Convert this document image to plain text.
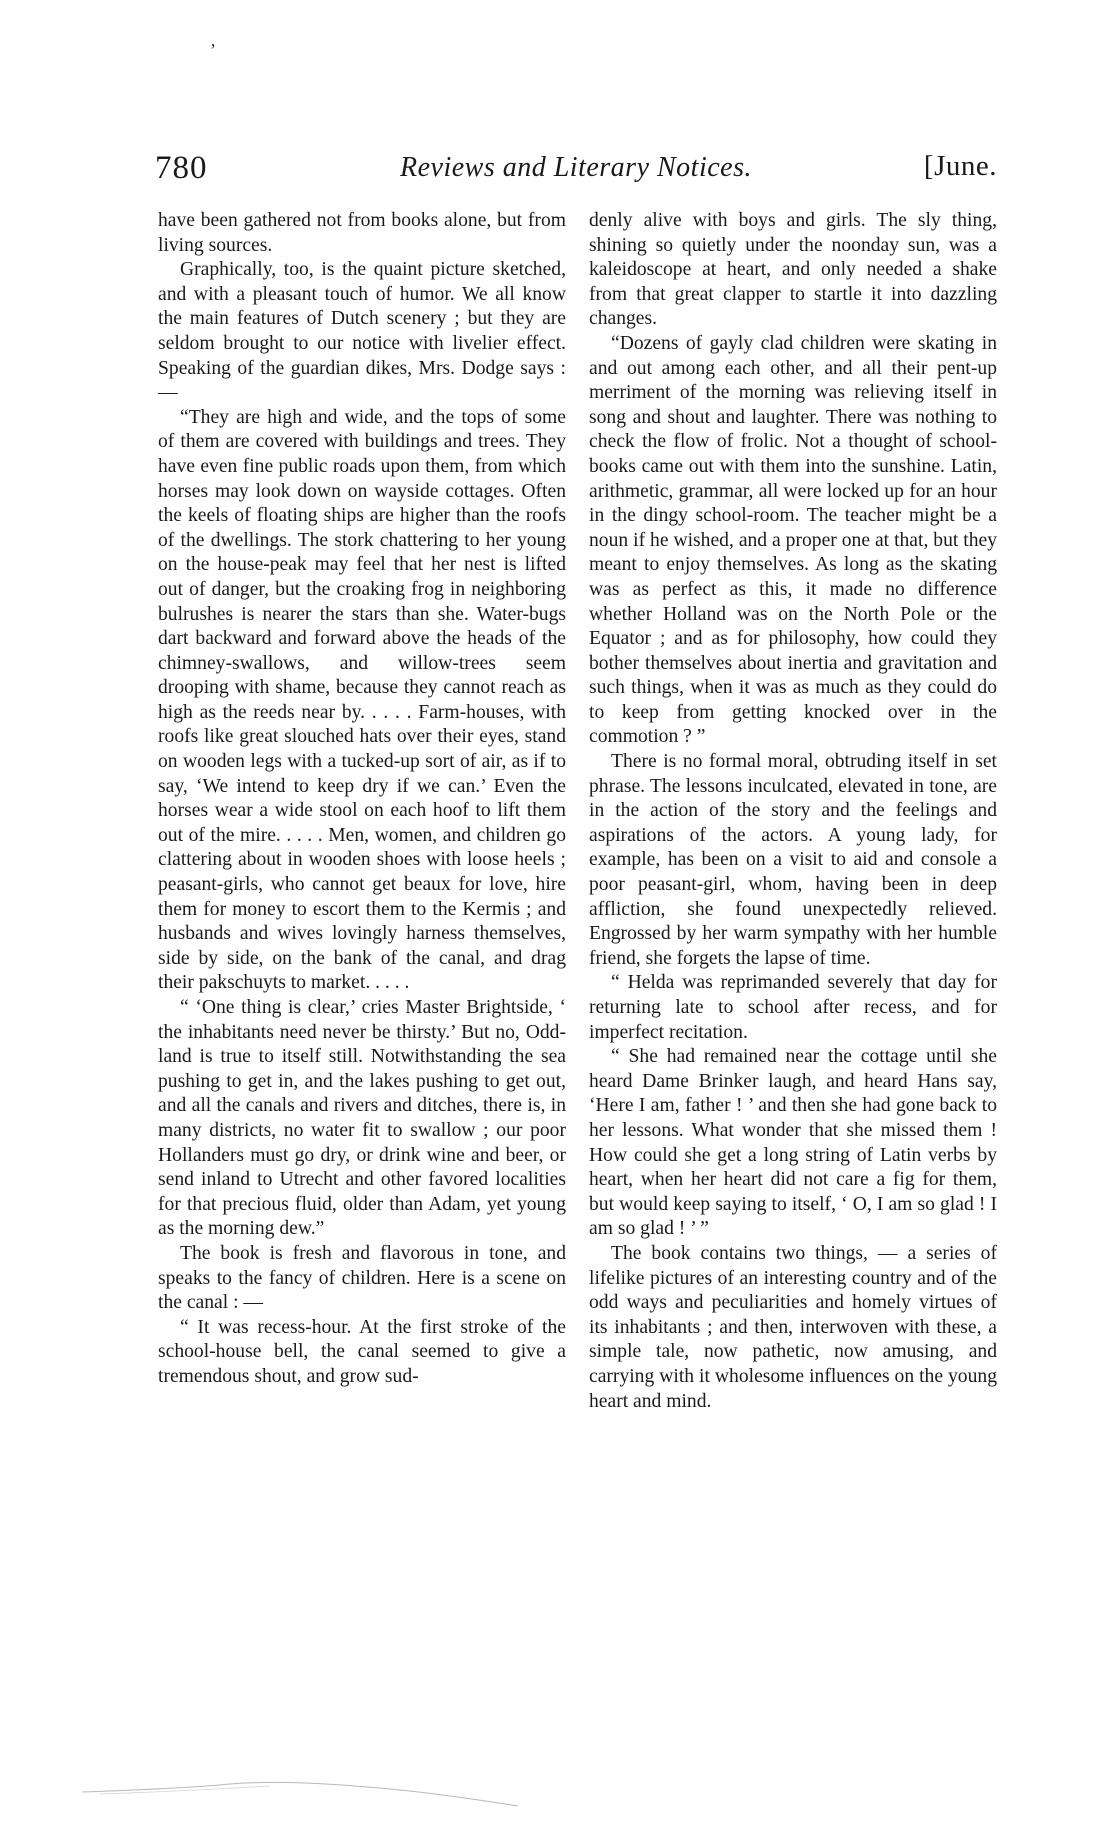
ʼ
780	Reviews and Literary Notices.	[June.

have been gathered not from books alone, but from living sources.

Graphically, too, is the quaint picture sketched, and with a pleasant touch of humor. We all know the main features of Dutch scenery ; but they are seldom brought to our notice with livelier effect. Speaking of the guardian dikes, Mrs. Dodge says : —

“They are high and wide, and the tops of some of them are covered with buildings and trees. They have even fine public roads upon them, from which horses may look down on wayside cottages. Often the keels of floating ships are higher than the roofs of the dwellings. The stork chattering to her young on the house-peak may feel that her nest is lifted out of danger, but the croaking frog in neighboring bulrushes is nearer the stars than she. Water-bugs dart backward and forward above the heads of the chimney-swallows, and willow-trees seem drooping with shame, because they cannot reach as high as the reeds near by. . . . . Farm-houses, with roofs like great slouched hats over their eyes, stand on wooden legs with a tucked-up sort of air, as if to say, ‘We intend to keep dry if we can.’ Even the horses wear a wide stool on each hoof to lift them out of the mire. . . . . Men, women, and children go clattering about in wooden shoes with loose heels ; peasant-girls, who cannot get beaux for love, hire them for money to escort them to the Kermis ; and husbands and wives lovingly harness themselves, side by side, on the bank of the canal, and drag their pakschuyts to market. . . . .

“ ‘One thing is clear,’ cries Master Brightside, ‘ the inhabitants need never be thirsty.’ But no, Odd-land is true to itself still. Notwithstanding the sea pushing to get in, and the lakes pushing to get out, and all the canals and rivers and ditches, there is, in many districts, no water fit to swallow ; our poor Hollanders must go dry, or drink wine and beer, or send inland to Utrecht and other favored localities for that precious fluid, older than Adam, yet young as the morning dew.”

The book is fresh and flavorous in tone, and speaks to the fancy of children. Here is a scene on the canal : —

“ It was recess-hour. At the first stroke of the school-house bell, the canal seemed to give a tremendous shout, and grow sud-

denly alive with boys and girls. The sly thing, shining so quietly under the noonday sun, was a kaleidoscope at heart, and only needed a shake from that great clapper to startle it into dazzling changes.

“Dozens of gayly clad children were skating in and out among each other, and all their pent-up merriment of the morning was relieving itself in song and shout and laughter. There was nothing to check the flow of frolic. Not a thought of school-books came out with them into the sunshine. Latin, arithmetic, grammar, all were locked up for an hour in the dingy school-room. The teacher might be a noun if he wished, and a proper one at that, but they meant to enjoy themselves. As long as the skating was as perfect as this, it made no difference whether Holland was on the North Pole or the Equator ; and as for philosophy, how could they bother themselves about inertia and gravitation and such things, when it was as much as they could do to keep from getting knocked over in the commotion ? ”

There is no formal moral, obtruding itself in set phrase. The lessons inculcated, elevated in tone, are in the action of the story and the feelings and aspirations of the actors. A young lady, for example, has been on a visit to aid and console a poor peasant-girl, whom, having been in deep affliction, she found unexpectedly relieved. Engrossed by her warm sympathy with her humble friend, she forgets the lapse of time.

“ Helda was reprimanded severely that day for returning late to school after recess, and for imperfect recitation.

“ She had remained near the cottage until she heard Dame Brinker laugh, and heard Hans say, ‘Here I am, father ! ’ and then she had gone back to her lessons. What wonder that she missed them ! How could she get a long string of Latin verbs by heart, when her heart did not care a fig for them, but would keep saying to itself, ‘ O, I am so glad ! I am so glad ! ’ ”

The book contains two things, — a series of lifelike pictures of an interesting country and of the odd ways and peculiarities and homely virtues of its inhabitants ; and then, interwoven with these, a simple tale, now pathetic, now amusing, and carrying with it wholesome influences on the young heart and mind.
